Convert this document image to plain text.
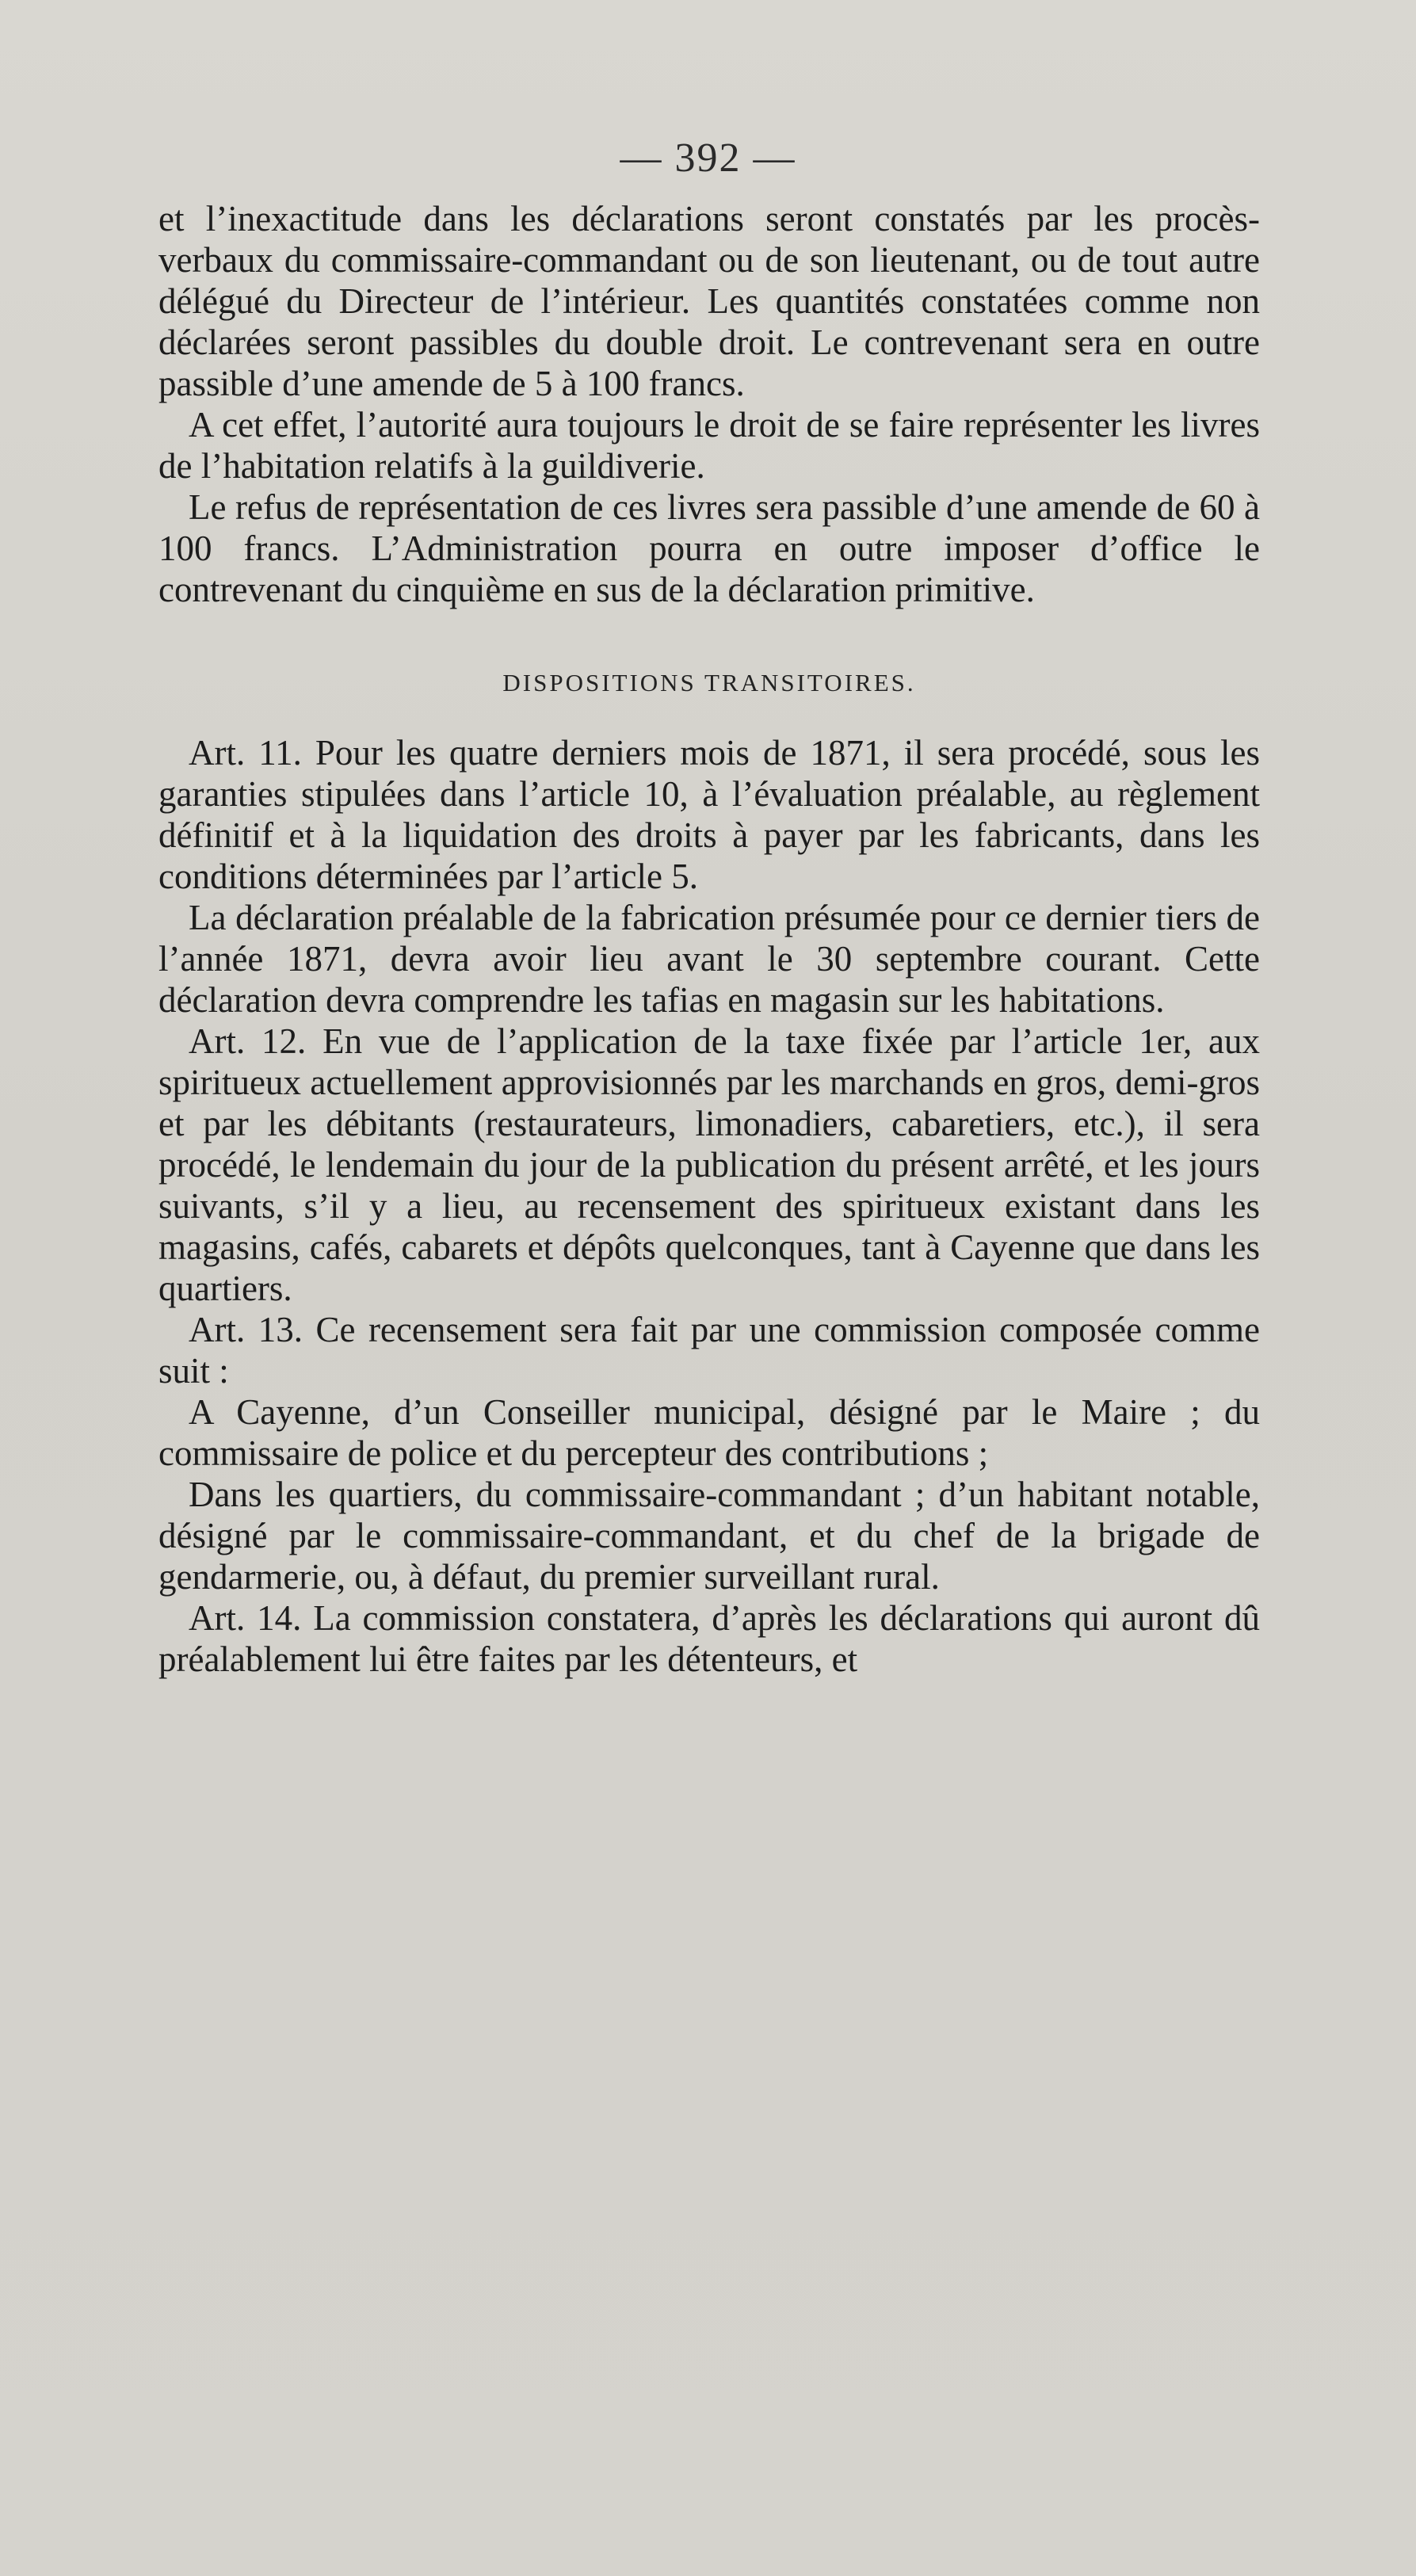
— 392 —

et l’inexactitude dans les déclarations seront constatés par les procès-verbaux du commissaire-commandant ou de son lieutenant, ou de tout autre délégué du Directeur de l’intérieur. Les quantités constatées comme non déclarées seront passibles du double droit. Le contrevenant sera en outre passible d’une amende de 5 à 100 francs.

A cet effet, l’autorité aura toujours le droit de se faire représenter les livres de l’habitation relatifs à la guildiverie.

Le refus de représentation de ces livres sera passible d’une amende de 60 à 100 francs. L’Administration pourra en outre imposer d’office le contrevenant du cinquième en sus de la déclaration primitive.

DISPOSITIONS TRANSITOIRES.

Art. 11. Pour les quatre derniers mois de 1871, il sera procédé, sous les garanties stipulées dans l’article 10, à l’évaluation préalable, au règlement définitif et à la liquidation des droits à payer par les fabricants, dans les conditions déterminées par l’article 5.

La déclaration préalable de la fabrication présumée pour ce dernier tiers de l’année 1871, devra avoir lieu avant le 30 septembre courant. Cette déclaration devra comprendre les tafias en magasin sur les habitations.

Art. 12. En vue de l’application de la taxe fixée par l’article 1er, aux spiritueux actuellement approvisionnés par les marchands en gros, demi-gros et par les débitants (restaurateurs, limonadiers, cabaretiers, etc.), il sera procédé, le lendemain du jour de la publication du présent arrêté, et les jours suivants, s’il y a lieu, au recensement des spiritueux existant dans les magasins, cafés, cabarets et dépôts quelconques, tant à Cayenne que dans les quartiers.

Art. 13. Ce recensement sera fait par une commission composée comme suit :

A Cayenne, d’un Conseiller municipal, désigné par le Maire ; du commissaire de police et du percepteur des contributions ;

Dans les quartiers, du commissaire-commandant ; d’un habitant notable, désigné par le commissaire-commandant, et du chef de la brigade de gendarmerie, ou, à défaut, du premier surveillant rural.

Art. 14. La commission constatera, d’après les déclarations qui auront dû préalablement lui être faites par les détenteurs, et
